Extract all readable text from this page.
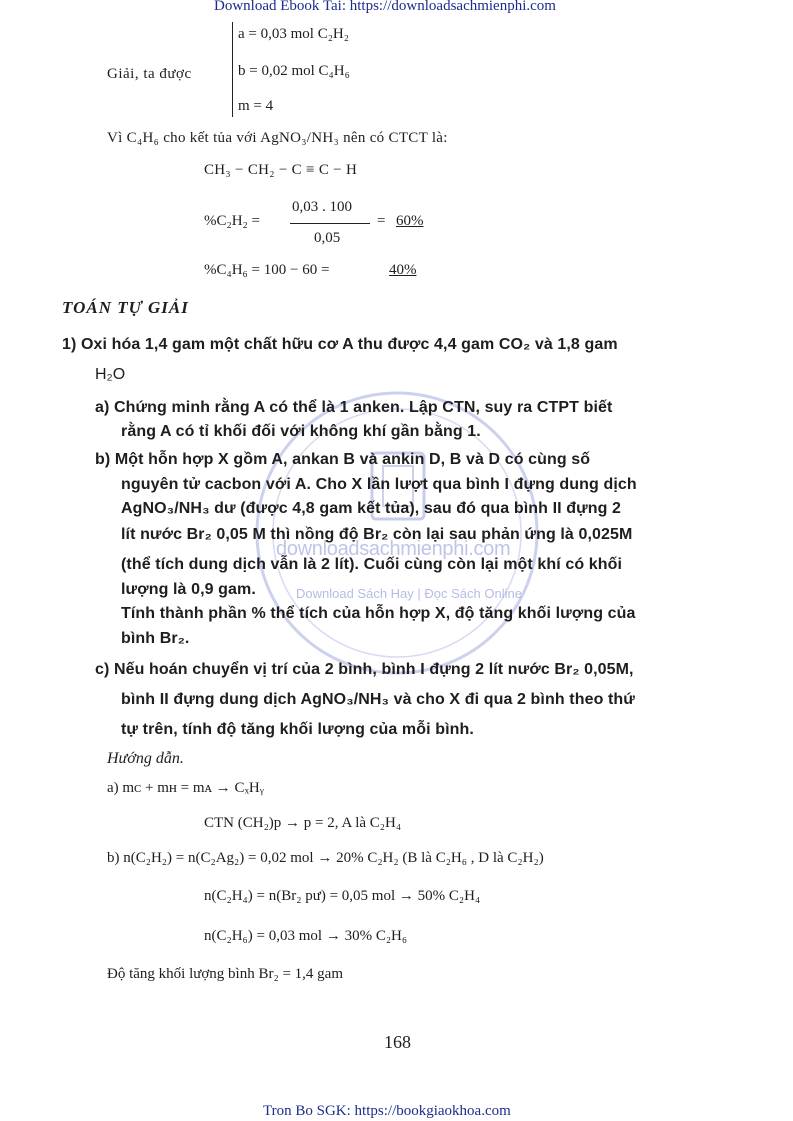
Download Ebook Tai: https://downloadsachmienphi.com
downloadsachmienphi.com
Download Sách Hay | Đọc Sách Online
Giải, ta được
a = 0,03 mol C₂H₂
b = 0,02 mol C₄H₆
m = 4
Vì C₄H₆ cho kết tủa với AgNO₃/NH₃ nên có CTCT là:
CH₃ − CH₂ − C ≡ C − H
%C₂H₂ =
0,03 . 100
0,05
= 60%
%C₄H₆ = 100 − 60 =	40%
TOÁN TỰ GIẢI
1) Oxi hóa 1,4 gam một chất hữu cơ A thu được 4,4 gam CO₂ và 1,8 gam
H₂O
a) Chứng minh rằng A có thể là 1 anken. Lập CTN, suy ra CTPT biết
rằng A có tỉ khối đối với không khí gần bằng 1.
b) Một hỗn hợp X gồm A, ankan B và ankin D, B và D có cùng số
nguyên tử cacbon với A. Cho X lần lượt qua bình I đựng dung dịch
AgNO₃/NH₃ dư (được 4,8 gam kết tủa), sau đó qua bình II đựng 2
lít nước Br₂ 0,05 M thì nồng độ Br₂ còn lại sau phản ứng là 0,025M
(thể tích dung dịch vẫn là 2 lít). Cuối cùng còn lại một khí có khối
lượng là 0,9 gam.
Tính thành phần % thể tích của hỗn hợp X, độ tăng khối lượng của
bình Br₂.
c) Nếu hoán chuyển vị trí của 2 bình, bình I đựng 2 lít nước Br₂ 0,05M,
bình II đựng dung dịch AgNO₃/NH₃ và cho X đi qua 2 bình theo thứ
tự trên, tính độ tăng khối lượng của mỗi bình.
Hướng dẫn.
a) mᴄ + mʜ = mᴀ → CₓHᵧ
CTN (CH₂)p → p = 2, A là C₂H₄
b) n(C₂H₂) = n(C₂Ag₂) = 0,02 mol → 20% C₂H₂ (B là C₂H₆ , D là C₂H₂)
n(C₂H₄) = n(Br₂ pư) = 0,05 mol → 50% C₂H₄
n(C₂H₆) = 0,03 mol → 30% C₂H₆
Độ tăng khối lượng bình Br₂ = 1,4 gam
168
Tron Bo SGK: https://bookgiaokhoa.com
